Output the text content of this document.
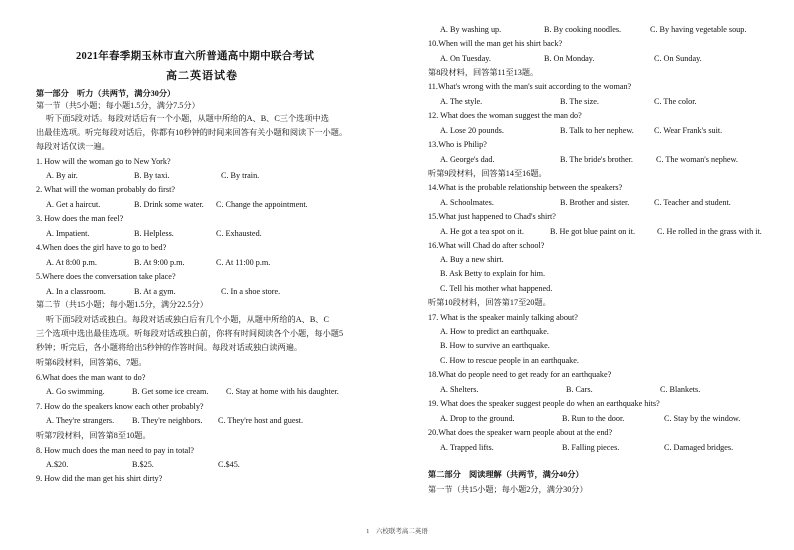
2021年春季期玉林市直六所普通高中期中联合考试
高二英语试卷
第一部分　听力（共两节，满分30分）
第一节（共5小题；每小题1.5分，满分7.5分）
听下面5段对话。每段对话后有一个小题，从题中所给的A、B、C三个选项中选
出最佳选项。听完每段对话后，你都有10秒钟的时间来回答有关小题和阅读下一小题。
每段对话仅读一遍。
1. How will the woman go to New York?
A. By air.	B. By taxi.	C. By train.
2. What will the woman probably do first?
A. Get a haircut.	B. Drink some water. C. Change the appointment.
3. How does the man feel?
A. Impatient.	B. Helpless.	C. Exhausted.
4.When does the girl have to go to bed?
A. At 8:00 p.m.	B. At 9:00 p.m.	C. At 11:00 p.m.
5.Where does the conversation take place?
A. In a classroom.	B. At a gym.	C. In a shoe store.
第二节（共15小题；每小题1.5分，满分22.5分）
听下面5段对话或独白。每段对话或独白后有几个小题，从题中所给的A、B、C
三个选项中选出最佳选项。听每段对话或独白前，你将有时间阅读各个小题，每小题5
秒钟；听完后，各小题将给出5秒钟的作答时间。每段对话或独白读两遍。
听第6段材料，回答第6、7题。
6.What does the man want to do?
A. Go swimming.	B. Get some ice cream. C. Stay at home with his daughter.
7. How do the speakers know each other probably?
A. They're strangers. B. They're neighbors. C. They're host and guest.
听第7段材料，回答第8至10题。
8. How much does the man need to pay in total?
A.$20.	B.$25.	C.$45.
9. How did the man get his shirt dirty?
A. By washing up.	B. By cooking noodles.	C. By having vegetable soup.
10.When will the man get his shirt back?
A. On Tuesday.	B. On Monday.	C. On Sunday.
第8段材料，回答第11至13题。
11.What's wrong with the man's suit according to the woman?
A. The style.	B. The size.	C. The color.
12. What does the woman suggest the man do?
A. Lose 20 pounds.	B. Talk to her nephew. C. Wear Frank's suit.
13.Who is Philip?
A. George's dad.	B. The bride's brother.	C. The woman's nephew.
听第9段材料，回答第14至16题。
14.What is the probable relationship between the speakers?
A. Schoolmates.	B. Brother and sister.	C. Teacher and student.
15.What just happened to Chad's shirt?
A. He got a tea spot on it.	B. He got blue paint on it.	C. He rolled in the grass with it.
16.What will Chad do after school?
A. Buy a new shirt.
B. Ask Betty to explain for him.
C. Tell his mother what happened.
听第10段材料，回答第17至20题。
17. What is the speaker mainly talking about?
A. How to predict an earthquake.
B. How to survive an earthquake.
C. How to rescue people in an earthquake.
18.What do people need to get ready for an earthquake?
A. Shelters.	B. Cars.	C. Blankets.
19. What does the speaker suggest people do when an earthquake hits?
A. Drop to the ground.	B. Run to the door.	C. Stay by the window.
20.What does the speaker warn people about at the end?
A. Trapped lifts.	B. Falling pieces.	C. Damaged bridges.
第二部分　阅读理解（共两节，满分40分）
第一节（共15小题；每小题2分，满分30分）
1　六校联考高二英语
